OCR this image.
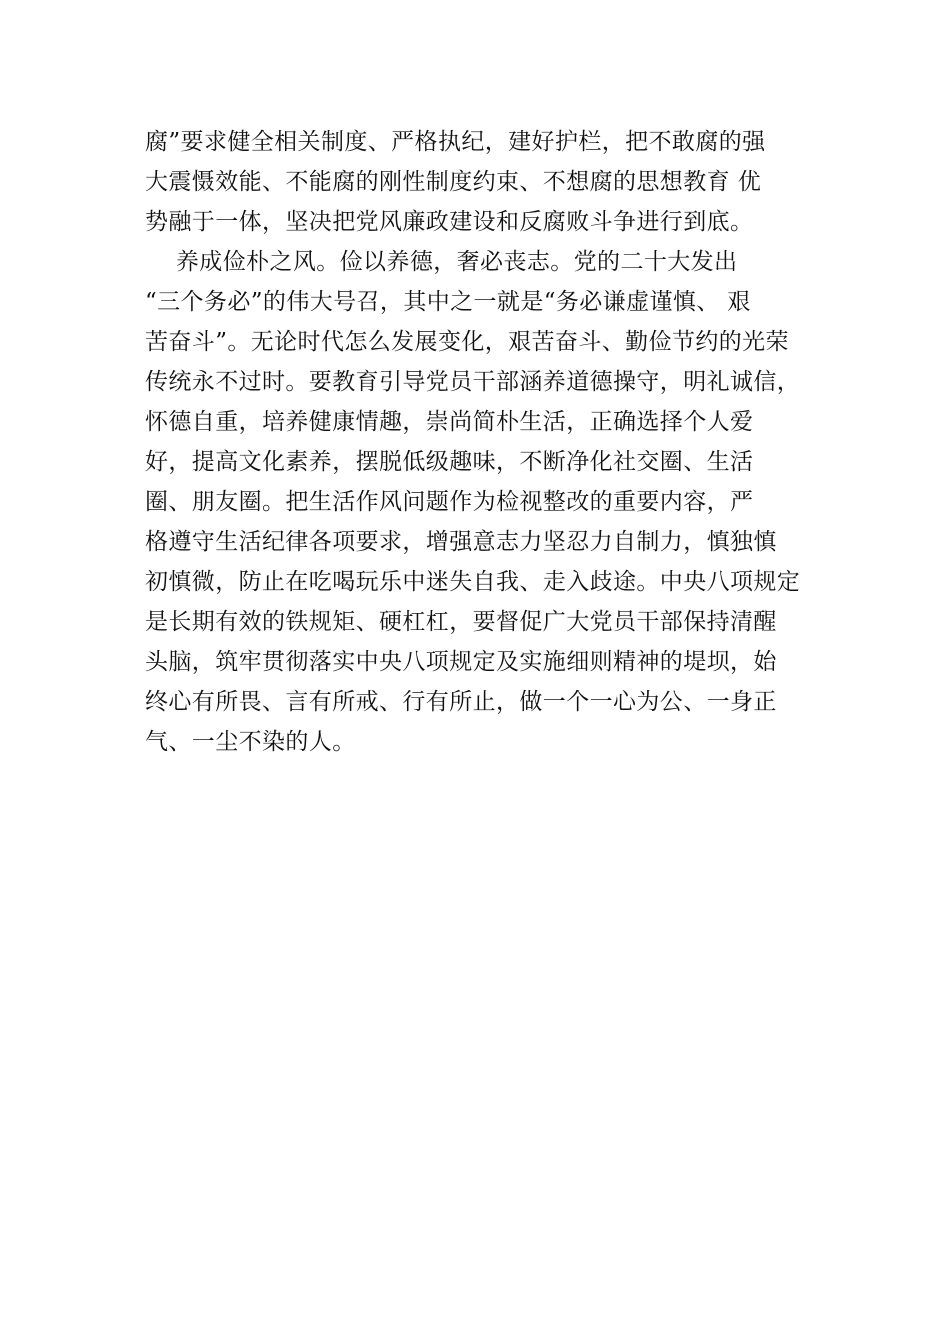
腐”要求健全相关制度、严格执纪，建好护栏，把不敢腐的强
大震慑效能、不能腐的刚性制度约束、不想腐的思想教育 优
势融于一体，坚决把党风廉政建设和反腐败斗争进行到底。
养成俭朴之风。俭以养德，奢必丧志。党的二十大发出
“三个务必”的伟大号召，其中之一就是“务必谦虚谨慎、 艰
苦奋斗”。无论时代怎么发展变化，艰苦奋斗、勤俭节约的光荣
传统永不过时。要教育引导党员干部涵养道德操守，明礼诚信，
怀德自重，培养健康情趣，崇尚简朴生活，正确选择个人爱
好，提高文化素养，摆脱低级趣味，不断净化社交圈、生活
圈、朋友圈。把生活作风问题作为检视整改的重要内容，严
格遵守生活纪律各项要求，增强意志力坚忍力自制力，慎独慎
初慎微，防止在吃喝玩乐中迷失自我、走入歧途。中央八项规定
是长期有效的铁规矩、硬杠杠，要督促广大党员干部保持清醒
头脑，筑牢贯彻落实中央八项规定及实施细则精神的堤坝，始
终心有所畏、言有所戒、行有所止，做一个一心为公、一身正
气、一尘不染的人。
